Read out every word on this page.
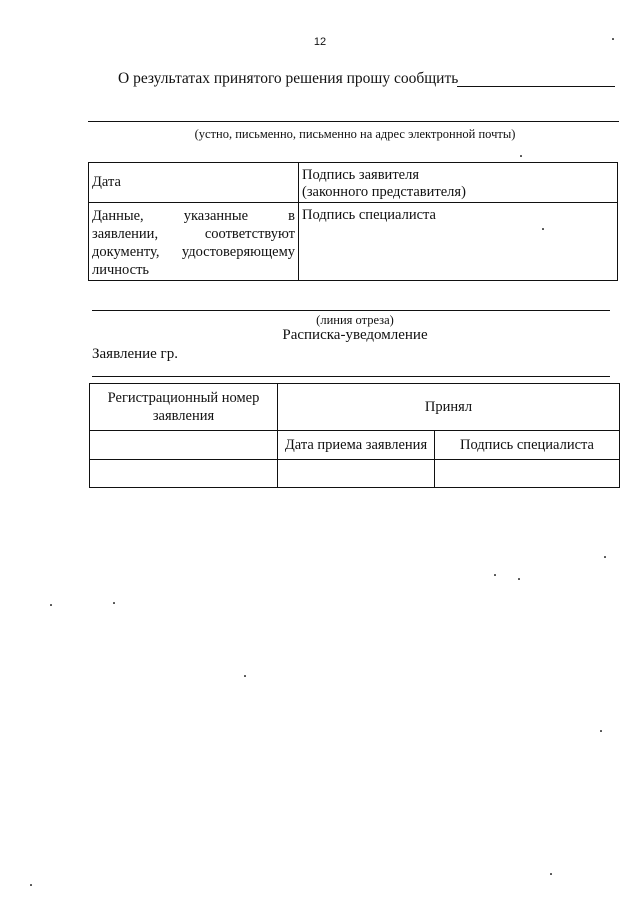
12
О результатах принятого решения прошу сообщить
(устно, письменно, письменно на адрес электронной почты)
Дата	Подпись заявителя
(законного представителя)

Данные, указанные в
заявлении, соответствуют
документу, удостоверяющему
личность	Подпись специалиста
(линия отреза)
Расписка-уведомление
Заявление гр.
Регистрационный номер заявления	Принял	
	Дата приема заявления	Подпись специалиста
